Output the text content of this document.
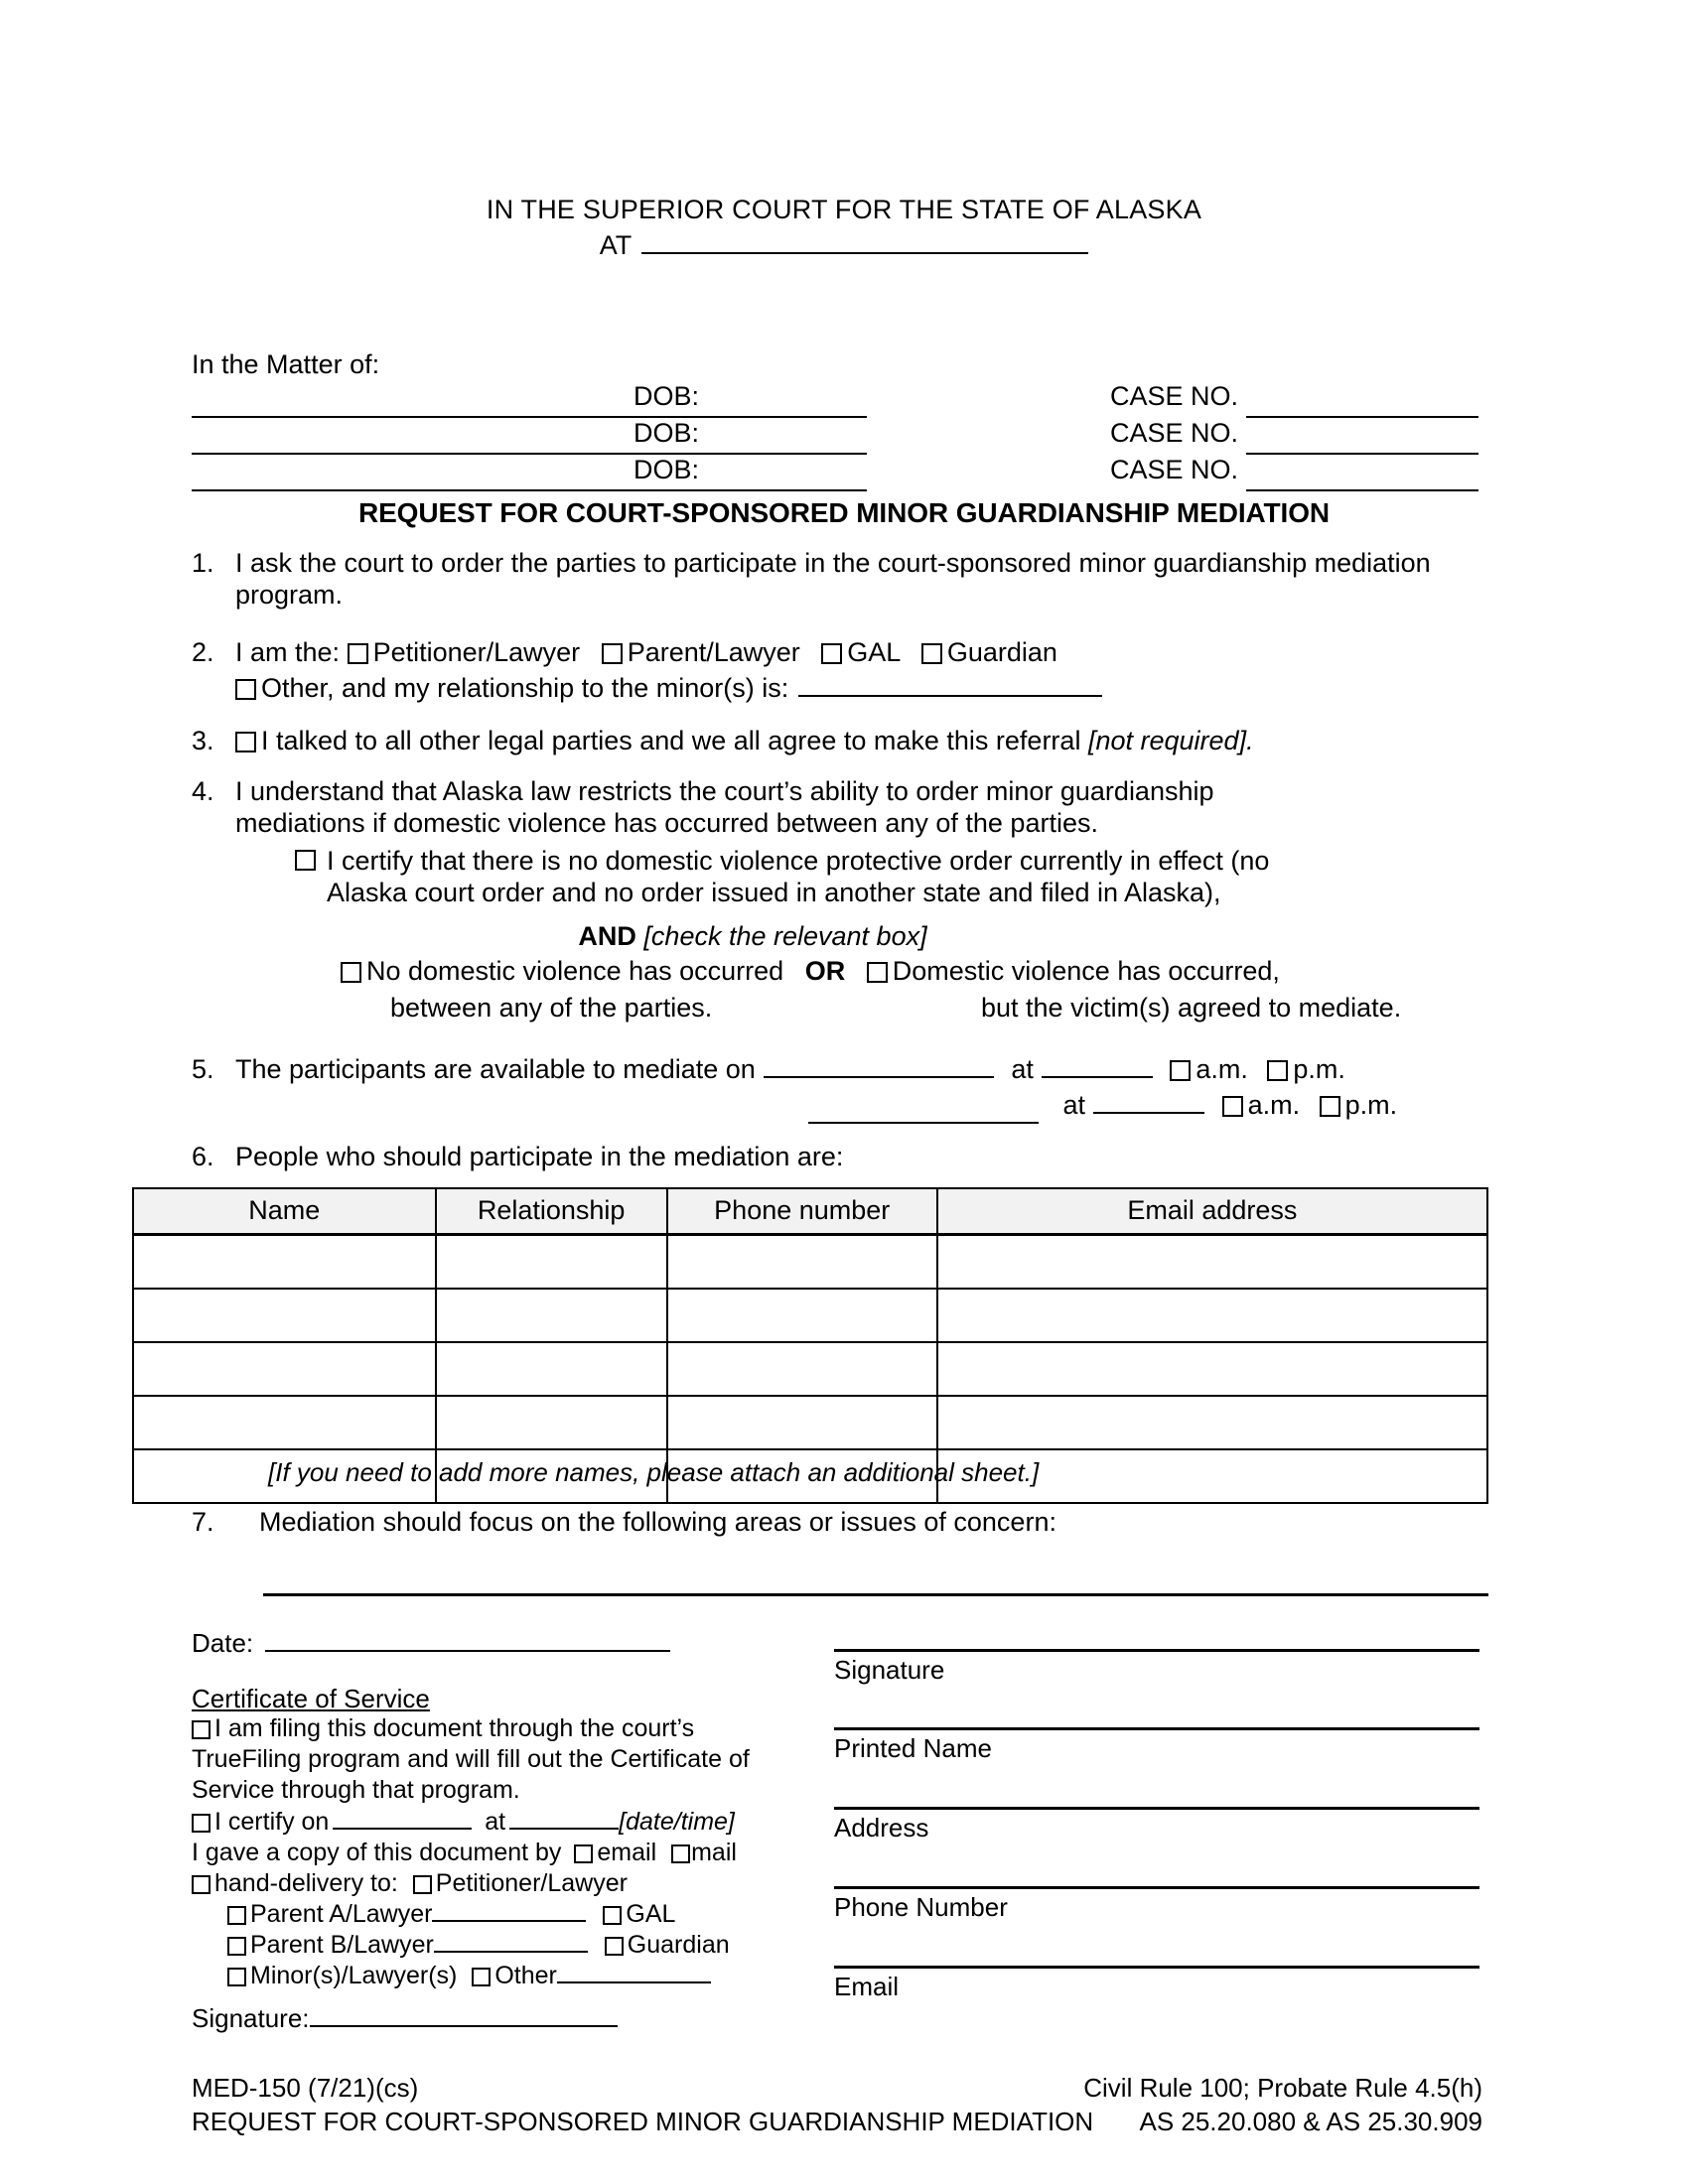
IN THE SUPERIOR COURT FOR THE STATE OF ALASKA
AT
In the Matter of:
DOB:	CASE NO.
DOB:	CASE NO.
DOB:	CASE NO.
REQUEST FOR COURT-SPONSORED MINOR GUARDIANSHIP MEDIATION
1. I ask the court to order the parties to participate in the court-sponsored minor guardianship mediation program.
2. I am the: Petitioner/Lawyer Parent/Lawyer GAL Guardian
Other, and my relationship to the minor(s) is:
3.	I talked to all other legal parties and we all agree to make this referral [not required].
4. I understand that Alaska law restricts the court’s ability to order minor guardianship mediations if domestic violence has occurred between any of the parties.
I certify that there is no domestic violence protective order currently in effect (no
Alaska court order and no order issued in another state and filed in Alaska),
AND [check the relevant box]
No domestic violence has occurred OR Domestic violence has occurred,
between any of the parties.	but the victim(s) agreed to mediate.
5. The participants are available to mediate on	at	a.m. p.m.
at	a.m. p.m.
6. People who should participate in the mediation are:
Name	Relationship	Phone number	Email address

[If you need to add more names, please attach an additional sheet.]
7.	Mediation should focus on the following areas or issues of concern:
Date:
Certificate of Service
I am filing this document through the court’s
TrueFiling program and will fill out the Certificate of
Service through that program.
I certify on	at	[date/time]
I gave a copy of this document by email mail
hand-delivery to: Petitioner/Lawyer
Parent A/Lawyer	GAL
Parent B/Lawyer	Guardian
Minor(s)/Lawyer(s) Other
Signature:
Signature
Printed Name
Address
Phone Number
Email
MED-150 (7/21)(cs)	Civil Rule 100; Probate Rule 4.5(h)
REQUEST FOR COURT-SPONSORED MINOR GUARDIANSHIP MEDIATION AS 25.20.080 & AS 25.30.909
